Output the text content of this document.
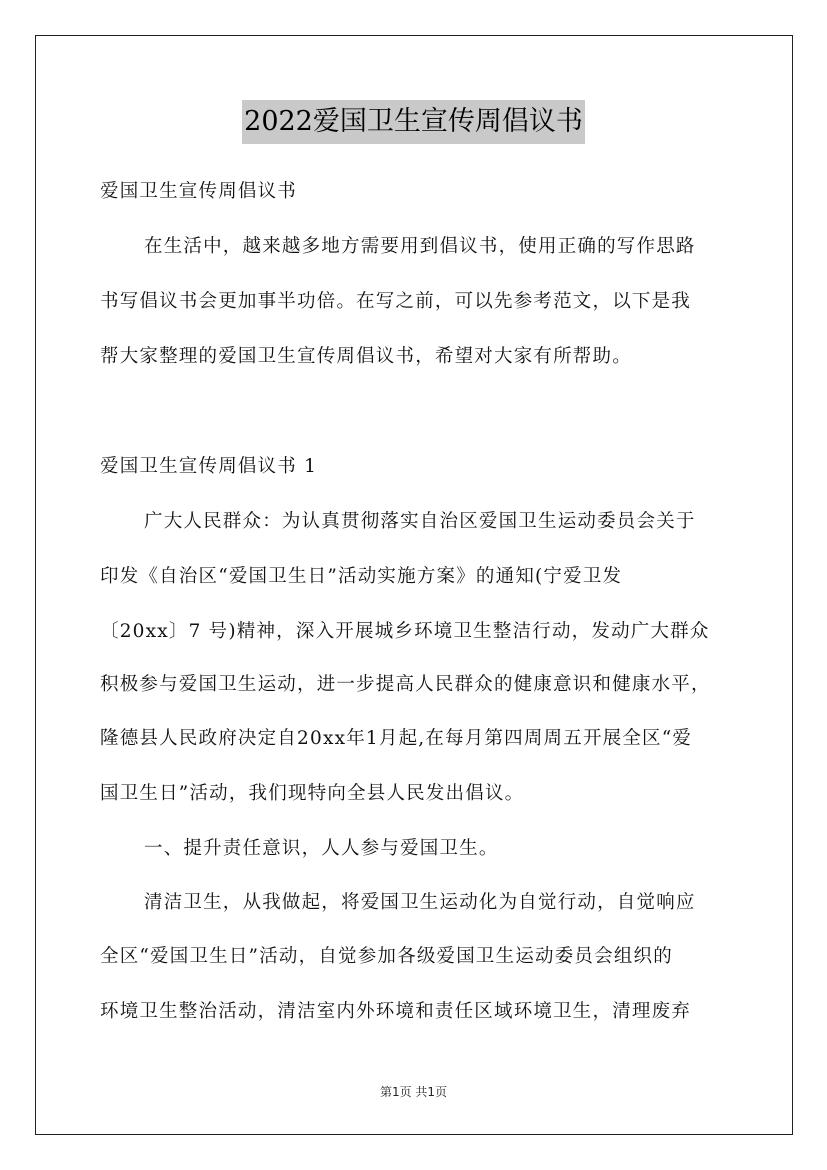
2022爱国卫生宣传周倡议书
爱国卫生宣传周倡议书
在生活中，越来越多地方需要用到倡议书，使用正确的写作思路
书写倡议书会更加事半功倍。在写之前，可以先参考范文，以下是我
帮大家整理的爱国卫生宣传周倡议书，希望对大家有所帮助。
爱国卫生宣传周倡议书 1
广大人民群众：为认真贯彻落实自治区爱国卫生运动委员会关于
印发《自治区“爱国卫生日”活动实施方案》的通知(宁爱卫发
〔20xx〕7 号)精神，深入开展城乡环境卫生整洁行动，发动广大群众
积极参与爱国卫生运动，进一步提高人民群众的健康意识和健康水平，
隆德县人民政府决定自20xx年1月起,在每月第四周周五开展全区“爱
国卫生日”活动，我们现特向全县人民发出倡议。
一、提升责任意识，人人参与爱国卫生。
清洁卫生，从我做起，将爱国卫生运动化为自觉行动，自觉响应
全区“爱国卫生日”活动，自觉参加各级爱国卫生运动委员会组织的
环境卫生整治活动，清洁室内外环境和责任区域环境卫生，清理废弃
第1页 共1页
